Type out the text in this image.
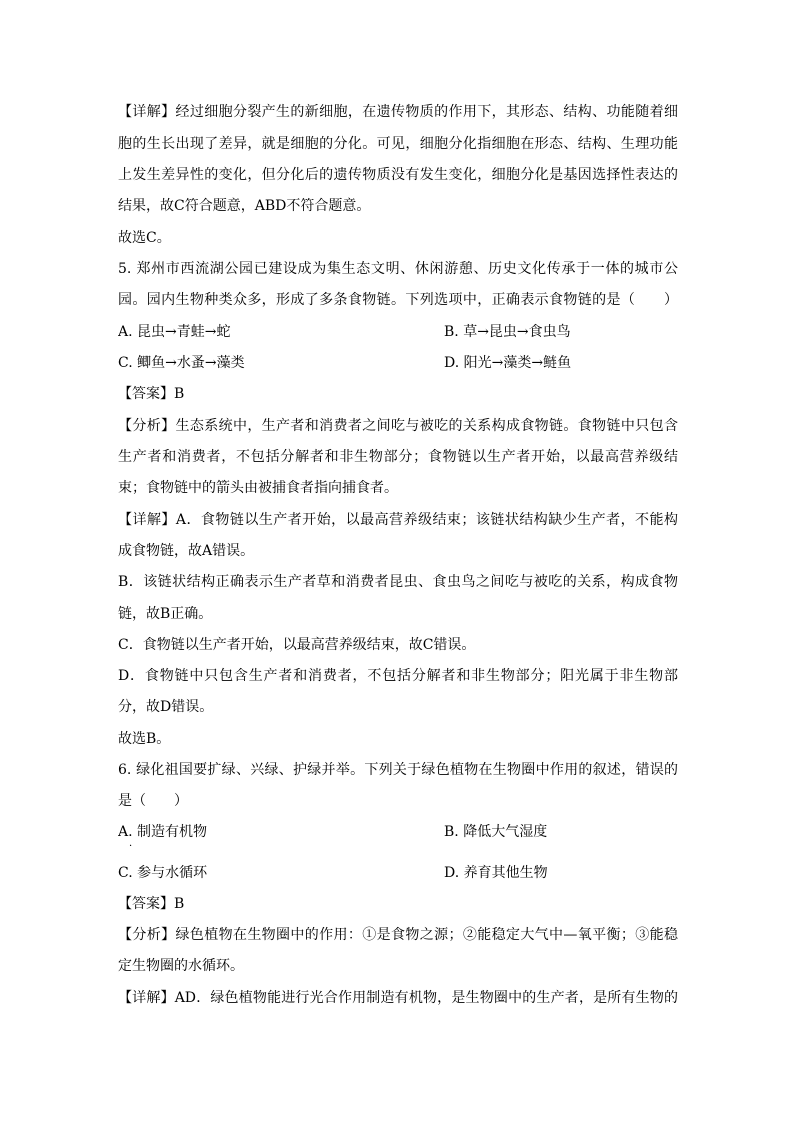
【详解】经过细胞分裂产生的新细胞，在遗传物质的作用下，其形态、结构、功能随着细
胞的生长出现了差异，就是细胞的分化。可见，细胞分化指细胞在形态、结构、生理功能
上发生差异性的变化，但分化后的遗传物质没有发生变化，细胞分化是基因选择性表达的
结果，故C符合题意，ABD不符合题意。
故选C。
5. 郑州市西流湖公园已建设成为集生态文明、休闲游憩、历史文化传承于一体的城市公
园。园内生物种类众多，形成了多条食物链。下列选项中，正确表示食物链的是（　　）
A. 昆虫→青蛙→蛇	B. 草→昆虫→食虫鸟
C. 鲫鱼→水蚤→藻类	D. 阳光→藻类→鲢鱼
【答案】B
【分析】生态系统中，生产者和消费者之间吃与被吃的关系构成食物链。食物链中只包含
生产者和消费者，不包括分解者和非生物部分；食物链以生产者开始，以最高营养级结
束；食物链中的箭头由被捕食者指向捕食者。
【详解】A．食物链以生产者开始，以最高营养级结束；该链状结构缺少生产者，不能构
成食物链，故A错误。
B．该链状结构正确表示生产者草和消费者昆虫、食虫鸟之间吃与被吃的关系，构成食物
链，故B正确。
C．食物链以生产者开始，以最高营养级结束，故C错误。
D．食物链中只包含生产者和消费者，不包括分解者和非生物部分；阳光属于非生物部
分，故D错误。
故选B。
6. 绿化祖国要扩绿、兴绿、护绿并举。下列关于绿色植物在生物圈中作用的叙述，错误的
是（　　）
A. 制造有机物	B. 降低大气湿度
·
C. 参与水循环	D. 养育其他生物
【答案】B
【分析】绿色植物在生物圈中的作用：①是食物之源；②能稳定大气中—氧平衡；③能稳
定生物圈的水循环。
【详解】AD．绿色植物能进行光合作用制造有机物，是生物圈中的生产者，是所有生物的
